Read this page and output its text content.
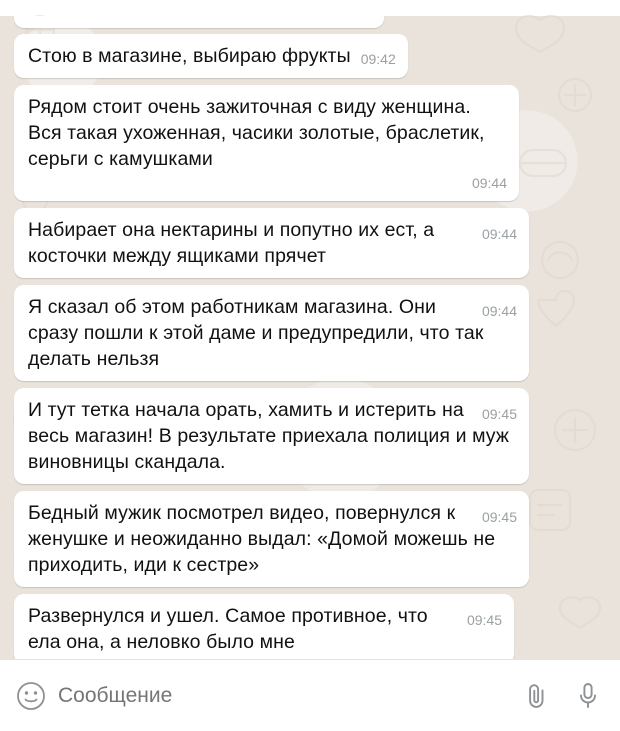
Стою в магазине, выбираю фрукты 09:42
Рядом стоит очень зажиточная с виду женщина. Вся такая ухоженная, часики золотые, браслетик, серьги с камушками
09:44
09:44
Набирает она нектарины и попутно их ест, а косточки между ящиками прячет
09:44
Я сказал об этом работникам магазина. Они сразу пошли к этой даме и предупредили, что так делать нельзя
09:45
И тут тетка начала орать, хамить и истерить на весь магазин! В результате приехала полиция и муж виновницы скандала.
09:45
Бедный мужик посмотрел видео, повернулся к женушке и неожиданно выдал: «Домой можешь не приходить, иди к сестре»
09:45
Развернулся и ушел. Самое противное, что ела она, а неловко было мне
Сообщение
